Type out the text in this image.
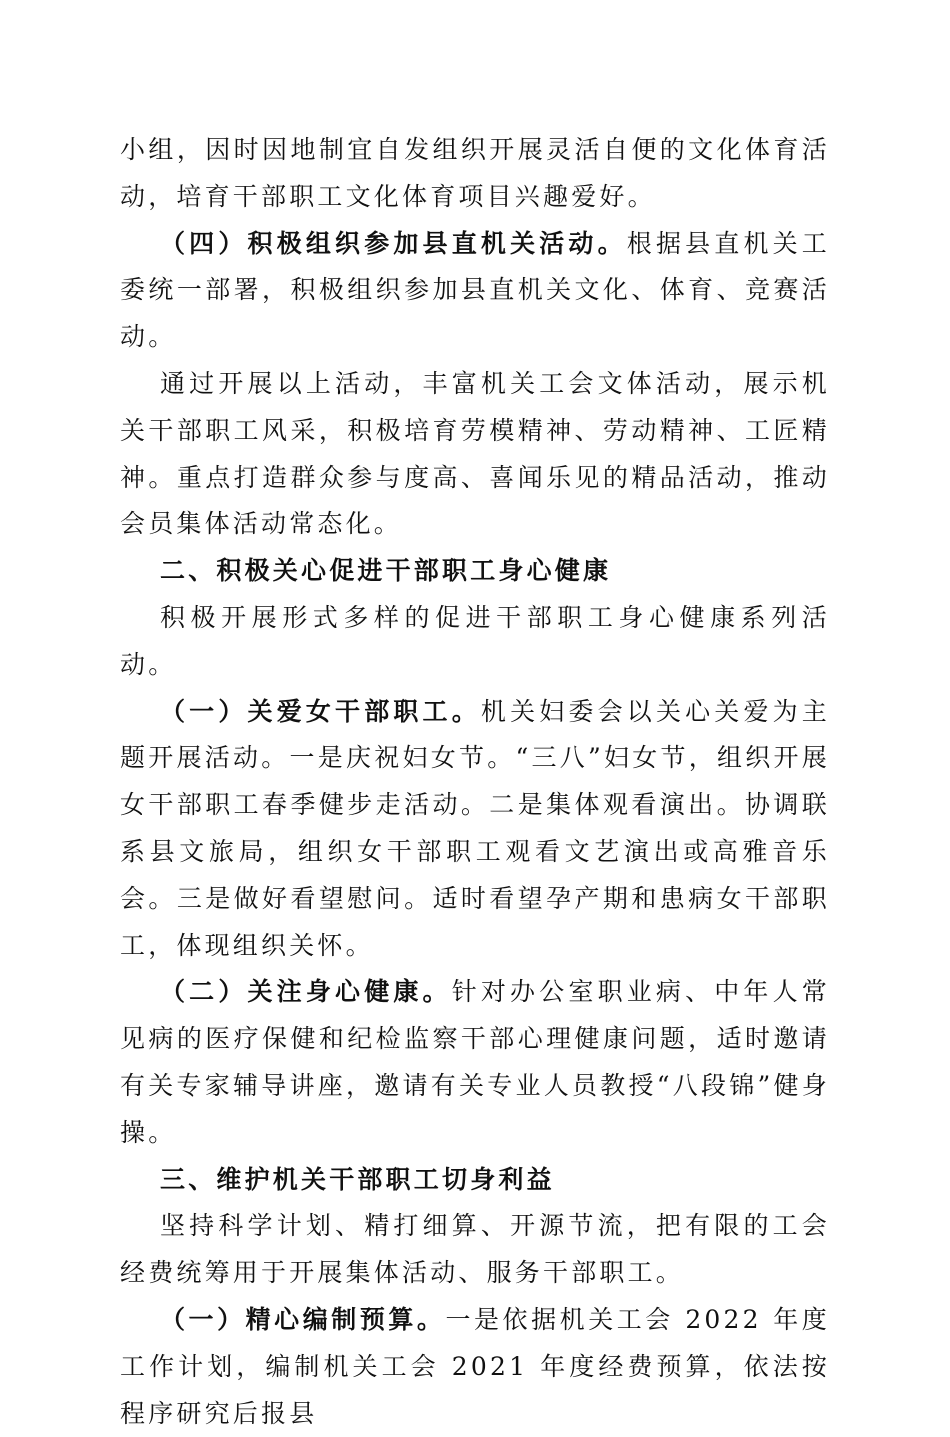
小组，因时因地制宜自发组织开展灵活自便的文化体育活动，培育干部职工文化体育项目兴趣爱好。

（四）积极组织参加县直机关活动。根据县直机关工委统一部署，积极组织参加县直机关文化、体育、竞赛活动。

通过开展以上活动，丰富机关工会文体活动，展示机关干部职工风采，积极培育劳模精神、劳动精神、工匠精神。重点打造群众参与度高、喜闻乐见的精品活动，推动会员集体活动常态化。

二、积极关心促进干部职工身心健康

积极开展形式多样的促进干部职工身心健康系列活动。

（一）关爱女干部职工。机关妇委会以关心关爱为主题开展活动。一是庆祝妇女节。“三八”妇女节，组织开展女干部职工春季健步走活动。二是集体观看演出。协调联系县文旅局，组织女干部职工观看文艺演出或高雅音乐会。三是做好看望慰问。适时看望孕产期和患病女干部职工，体现组织关怀。

（二）关注身心健康。针对办公室职业病、中年人常见病的医疗保健和纪检监察干部心理健康问题，适时邀请有关专家辅导讲座，邀请有关专业人员教授“八段锦”健身操。

三、维护机关干部职工切身利益

坚持科学计划、精打细算、开源节流，把有限的工会经费统筹用于开展集体活动、服务干部职工。

（一）精心编制预算。一是依据机关工会 2022 年度工作计划，编制机关工会 2021 年度经费预算，依法按程序研究后报县
